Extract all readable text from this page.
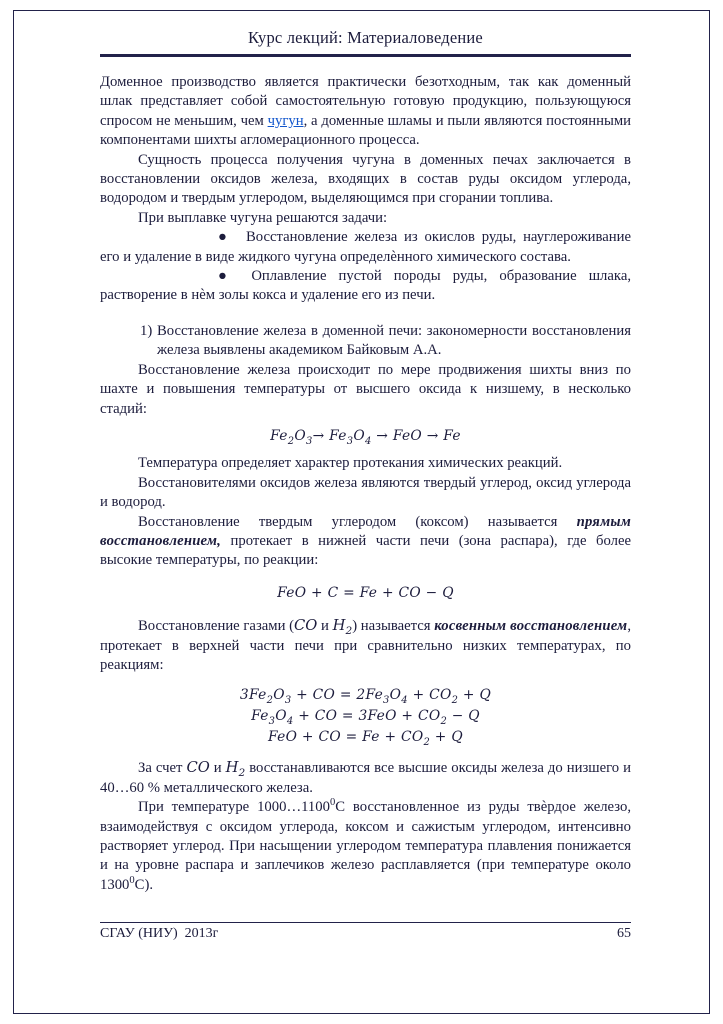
Курс лекций: Материаловедение

Доменное производство является практически безотходным, так как доменный шлак представляет собой самостоятельную готовую продукцию, пользующуюся спросом не меньшим, чем чугун, а доменные шламы и пыли являются постоянными компонентами шихты агломерационного процесса.

Сущность процесса получения чугуна в доменных печах заключается в восстановлении оксидов железа, входящих в состав руды оксидом углерода, водородом и твердым углеродом, выделяющимся при сгорании топлива.

При выплавке чугуна решаются задачи:

● Восстановление железа из окислов руды, науглероживание его и удаление в виде жидкого чугуна определѐнного химического состава.

● Оплавление пустой породы руды, образование шлака, растворение в нѐм золы кокса и удаление его из печи.

1) Восстановление железа в доменной печи: закономерности восстановления железа выявлены академиком Байковым А.А.

Восстановление железа происходит по мере продвижения шихты вниз по шахте и повышения температуры от высшего оксида к низшему, в несколько стадий:

$Fe_2O_3\to Fe_3O_4$ → FeO → Fe

Температура определяет характер протекания химических реакций.

Восстановителями оксидов железа являются твердый углерод, оксид углерода и водород.

Восстановление твердым углеродом (коксом) называется прямым восстановлением, протекает в нижней части печи (зона распара), где более высокие температуры, по реакции:

FeO + C = Fe + CO − Q

Восстановление газами (CO и $H_2$) называется косвенным восстановлением, протекает в верхней части печи при сравнительно низких температурах, по реакциям:

$3Fe_2O_3$ + CO = $2Fe_3O_4 + CO_2 + Q$
$Fe_3O_4$ + CO = $3FeO + CO_2 - Q$
FeO + CO = $Fe + CO_2 + Q$

За счет CO и $H_2$ восстанавливаются все высшие оксиды железа до низшего и 40…60 % металлического железа.

При температуре 1000…1100$^0$С восстановленное из руды твѐрдое железо, взаимодействуя с оксидом углерода, коксом и сажистым углеродом, интенсивно растворяет углерод. При насыщении углеродом температура плавления понижается и на уровне распара и заплечиков железо расплавляется (при температуре около 1300$^0$С).

СГАУ (НИУ)  2013г	65
